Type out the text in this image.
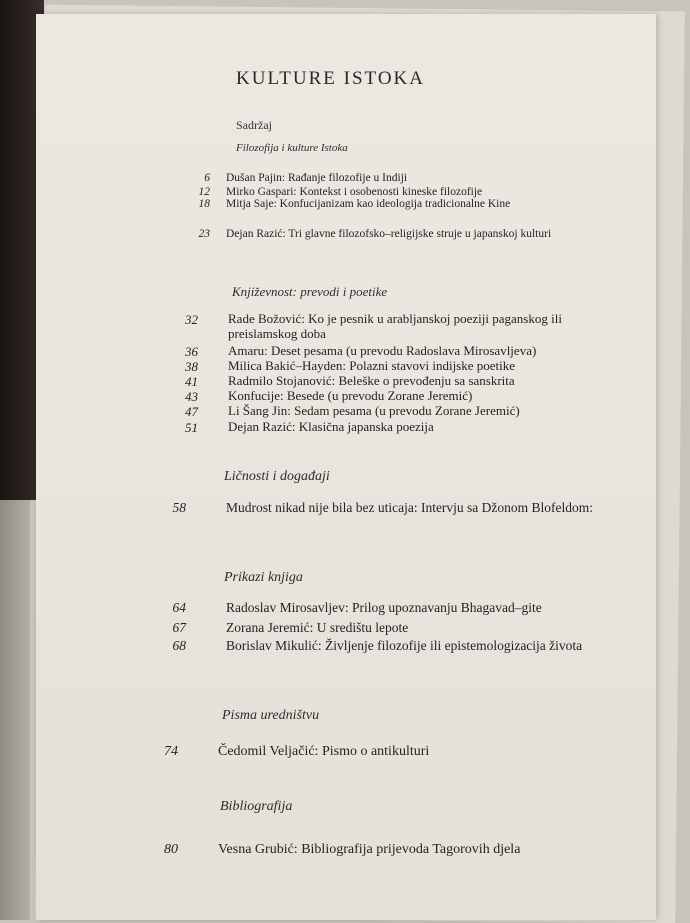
KULTURE ISTOKA
Sadržaj
Filozofija i kulture Istoka
6 Dušan Pajin: Rađanje filozofije u Indiji
12 Mirko Gaspari: Kontekst i osobenosti kineske filozofije
18 Mitja Saje: Konfucijanizam kao ideologija tradicionalne Kine
23 Dejan Razić: Tri glavne filozofsko–religijske struje u japanskoj kulturi
Književnost: prevodi i poetike
32 Rade Božović: Ko je pesnik u arabljanskoj poeziji paganskog ili preislamskog doba
36 Amaru: Deset pesama (u prevodu Radoslava Mirosavljeva)
38 Milica Bakić–Hayden: Polazni stavovi indijske poetike
41 Radmilo Stojanović: Beleške o prevođenju sa sanskrita
43 Konfucije: Besede (u prevodu Zorane Jeremić)
47 Li Šang Jin: Sedam pesama (u prevodu Zorane Jeremić)
51 Dejan Razić: Klasična japanska poezija
Ličnosti i događaji
58	Mudrost nikad nije bila bez uticaja: Intervju sa Džonom Blofeldom:
Prikazi knjiga
64	Radoslav Mirosavljev: Prilog upoznavanju Bhagavad–gite
67	Zorana Jeremić: U središtu lepote
68	Borislav Mikulić: Življenje filozofije ili epistemologizacija života
Pisma uredništvu
74	Čedomil Veljačić: Pismo o antikulturi
Bibliografija
80	Vesna Grubić: Bibliografija prijevoda Tagorovih djela
